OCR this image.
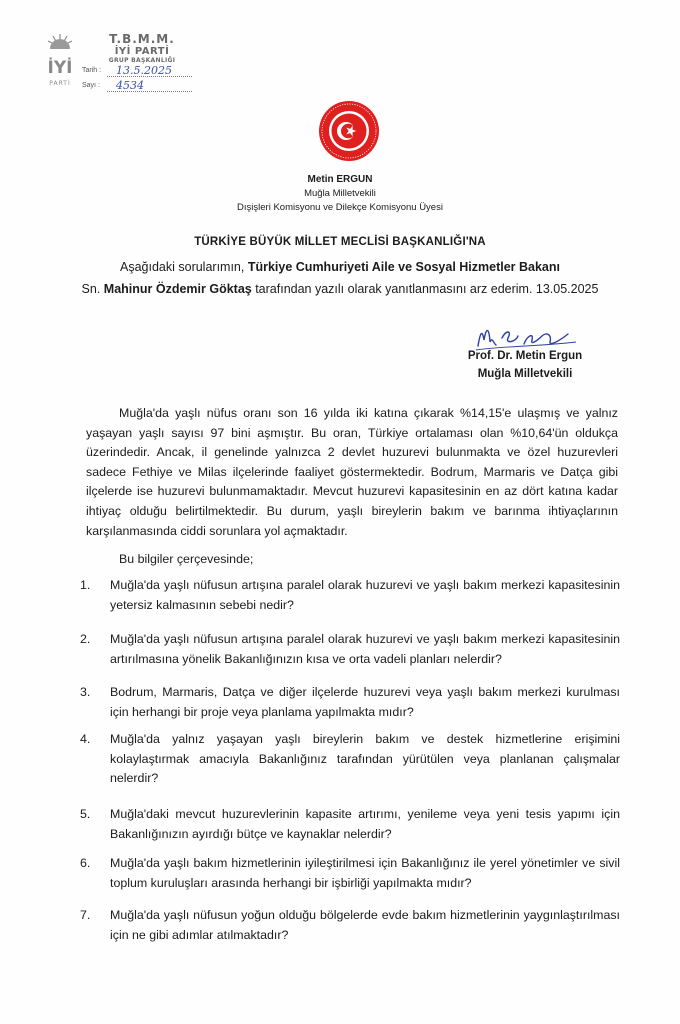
İYİ
PARTİ
T.B.M.M.
İYİ PARTİ
GRUP BAŞKANLIĞI
Tarih : 13.5.2025
Sayı : 4534
Metin ERGUN
Muğla Milletvekili
Dışişleri Komisyonu ve Dilekçe Komisyonu Üyesi
TÜRKİYE BÜYÜK MİLLET MECLİSİ BAŞKANLIĞI'NA
Aşağıdaki sorularımın, Türkiye Cumhuriyeti Aile ve Sosyal Hizmetler Bakanı
Sn. Mahinur Özdemir Göktaş tarafından yazılı olarak yanıtlanmasını arz ederim. 13.05.2025
Prof. Dr. Metin Ergun
Muğla Milletvekili
Muğla'da yaşlı nüfus oranı son 16 yılda iki katına çıkarak %14,15'e ulaşmış ve yalnız yaşayan yaşlı sayısı 97 bini aşmıştır. Bu oran, Türkiye ortalaması olan %10,64'ün oldukça üzerindedir. Ancak, il genelinde yalnızca 2 devlet huzurevi bulunmakta ve özel huzurevleri sadece Fethiye ve Milas ilçelerinde faaliyet göstermektedir. Bodrum, Marmaris ve Datça gibi ilçelerde ise huzurevi bulunmamaktadır. Mevcut huzurevi kapasitesinin en az dört katına kadar ihtiyaç olduğu belirtilmektedir. Bu durum, yaşlı bireylerin bakım ve barınma ihtiyaçlarının karşılanmasında ciddi sorunlara yol açmaktadır.
Bu bilgiler çerçevesinde;
1.	Muğla'da yaşlı nüfusun artışına paralel olarak huzurevi ve yaşlı bakım merkezi kapasitesinin yetersiz kalmasının sebebi nedir?
2.	Muğla'da yaşlı nüfusun artışına paralel olarak huzurevi ve yaşlı bakım merkezi kapasitesinin artırılmasına yönelik Bakanlığınızın kısa ve orta vadeli planları nelerdir?
3.	Bodrum, Marmaris, Datça ve diğer ilçelerde huzurevi veya yaşlı bakım merkezi kurulması için herhangi bir proje veya planlama yapılmakta mıdır?
4.	Muğla'da yalnız yaşayan yaşlı bireylerin bakım ve destek hizmetlerine erişimini kolaylaştırmak amacıyla Bakanlığınız tarafından yürütülen veya planlanan çalışmalar nelerdir?
5.	Muğla'daki mevcut huzurevlerinin kapasite artırımı, yenileme veya yeni tesis yapımı için Bakanlığınızın ayırdığı bütçe ve kaynaklar nelerdir?
6.	Muğla'da yaşlı bakım hizmetlerinin iyileştirilmesi için Bakanlığınız ile yerel yönetimler ve sivil toplum kuruluşları arasında herhangi bir işbirliği yapılmakta mıdır?
7.	Muğla'da yaşlı nüfusun yoğun olduğu bölgelerde evde bakım hizmetlerinin yaygınlaştırılması için ne gibi adımlar atılmaktadır?
